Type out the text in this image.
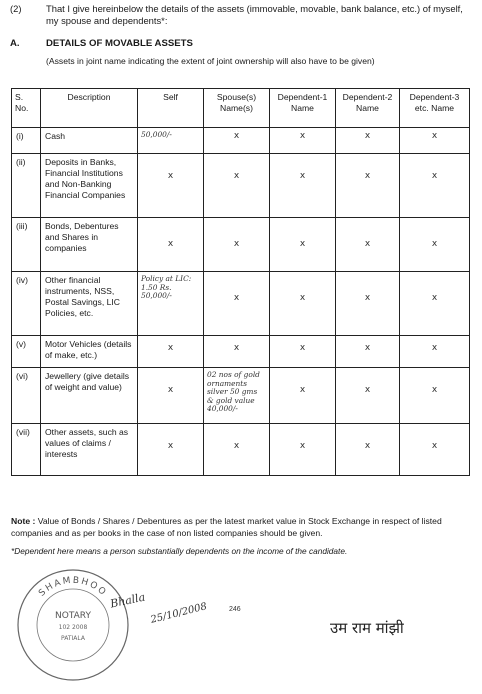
(2)	That I give hereinbelow the details of the assets (immovable, movable, bank balance, etc.) of myself, my spouse and dependents*:
A.	DETAILS OF MOVABLE ASSETS
(Assets in joint name indicating the extent of joint ownership will also have to be given)
S. No.	Description	Self	Spouse(s) Name(s)	Dependent-1 Name	Dependent-2 Name	Dependent-3 etc. Name
(i)	Cash	50,000/-	x	x	x	x

(ii)	Deposits in Banks, Financial Institutions and Non-Banking Financial Companies	x	x	x	x	x

(iii)	Bonds, Debentures and Shares in companies	x	x	x	x	x

(iv)	Other financial instruments, NSS, Postal Savings, LIC Policies, etc.	Policy at LIC: 1.50 Rs. 50,000/-	x	x	x	x

(v)	Motor Vehicles (details of make, etc.)	x	x	x	x	x

(vi)	Jewellery (give details of weight and value)	x	02 nos of gold ornaments silver 50 gms & gold value 40,000/-	x	x	x

(vii)	Other assets, such as values of claims / interests	x	x	x	x	x
Note : Value of Bonds / Shares / Debentures as per the latest market value in Stock Exchange in respect of listed companies and as per books in the case of non listed companies should be given.
*Dependent here means a person substantially dependents on the income of the candidate.
SHAMBHOO
NOTARY
102 2008
PATIALA
Bhalla
25/10/2008	246
उम राम मांझी
